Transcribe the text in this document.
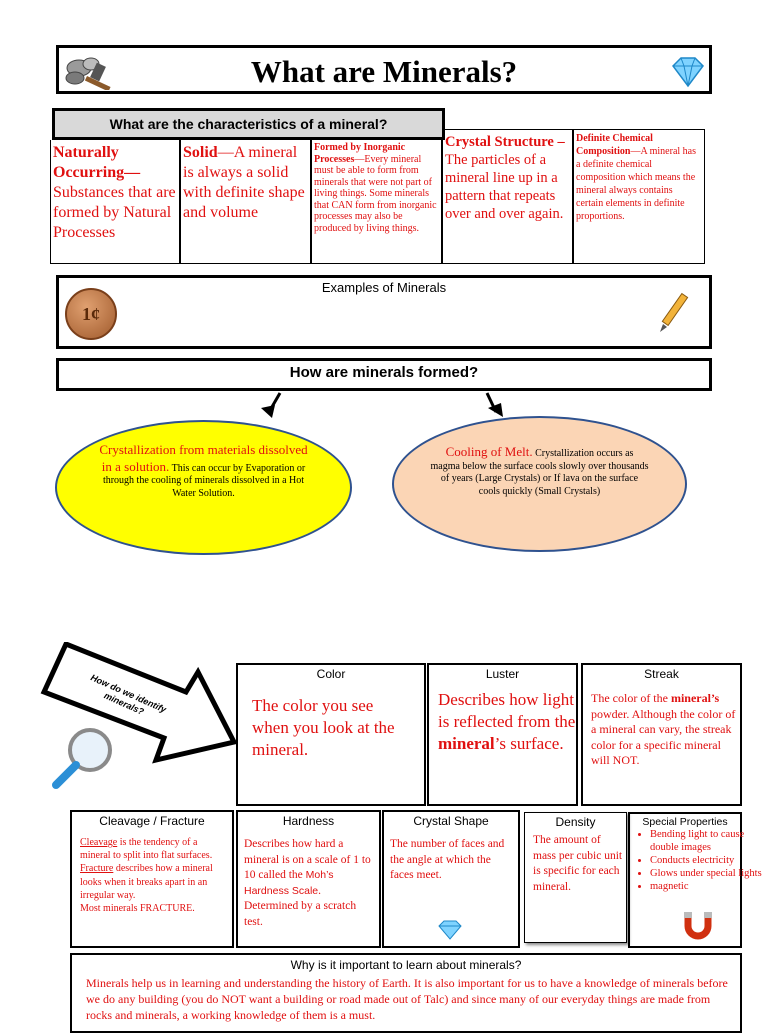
What are Minerals?
What are the characteristics of a mineral?
Naturally Occurring— Substances that are formed by Natural Processes
Solid—A mineral is always a solid with definite shape and volume
Formed by Inorganic Processes—Every mineral must be able to form from minerals that were not part of living things. Some minerals that CAN form from inorganic processes may also be produced by living things.
Crystal Structure – The particles of a mineral line up in a pattern that repeats over and over again.
Definite Chemical Composition—A mineral has a definite chemical composition which means the mineral always contains certain elements in definite proportions.
Examples of Minerals
1¢
How are minerals formed?
Crystallization from materials dissolved in a solution. This can occur by Evaporation or through the cooling of minerals dissolved in a Hot Water Solution.
Cooling of Melt. Crystallization occurs as magma below the surface cools slowly over thousands of years (Large Crystals) or If lava on the surface cools quickly (Small Crystals)
How do we identify minerals?
Color
The color you see when you look at the mineral.
Luster
Describes how light is reflected from the mineral’s surface.
Streak
The color of the mineral’s powder. Although the color of a mineral can vary, the streak color for a specific mineral will NOT.
Cleavage / Fracture
Cleavage is the tendency of a mineral to split into flat surfaces.
Fracture describes how a mineral looks when it breaks apart in an irregular way.
Most minerals FRACTURE.
Hardness
Describes how hard a mineral is on a scale of 1 to 10 called the Moh’s Hardness Scale. Determined by a scratch test.
Crystal Shape
The number of faces and the angle at which the faces meet.
Density
The amount of mass per cubic unit is specific for each mineral.
Special Properties
• Bending light to cause double images
• Conducts electricity
• Glows under special lights
• magnetic
Why is it important to learn about minerals?
Minerals help us in learning and understanding the history of Earth. It is also important for us to have a knowledge of minerals before we do any building (you do NOT want a building or road made out of Talc) and since many of our everyday things are made from rocks and minerals, a working knowledge of them is a must.
